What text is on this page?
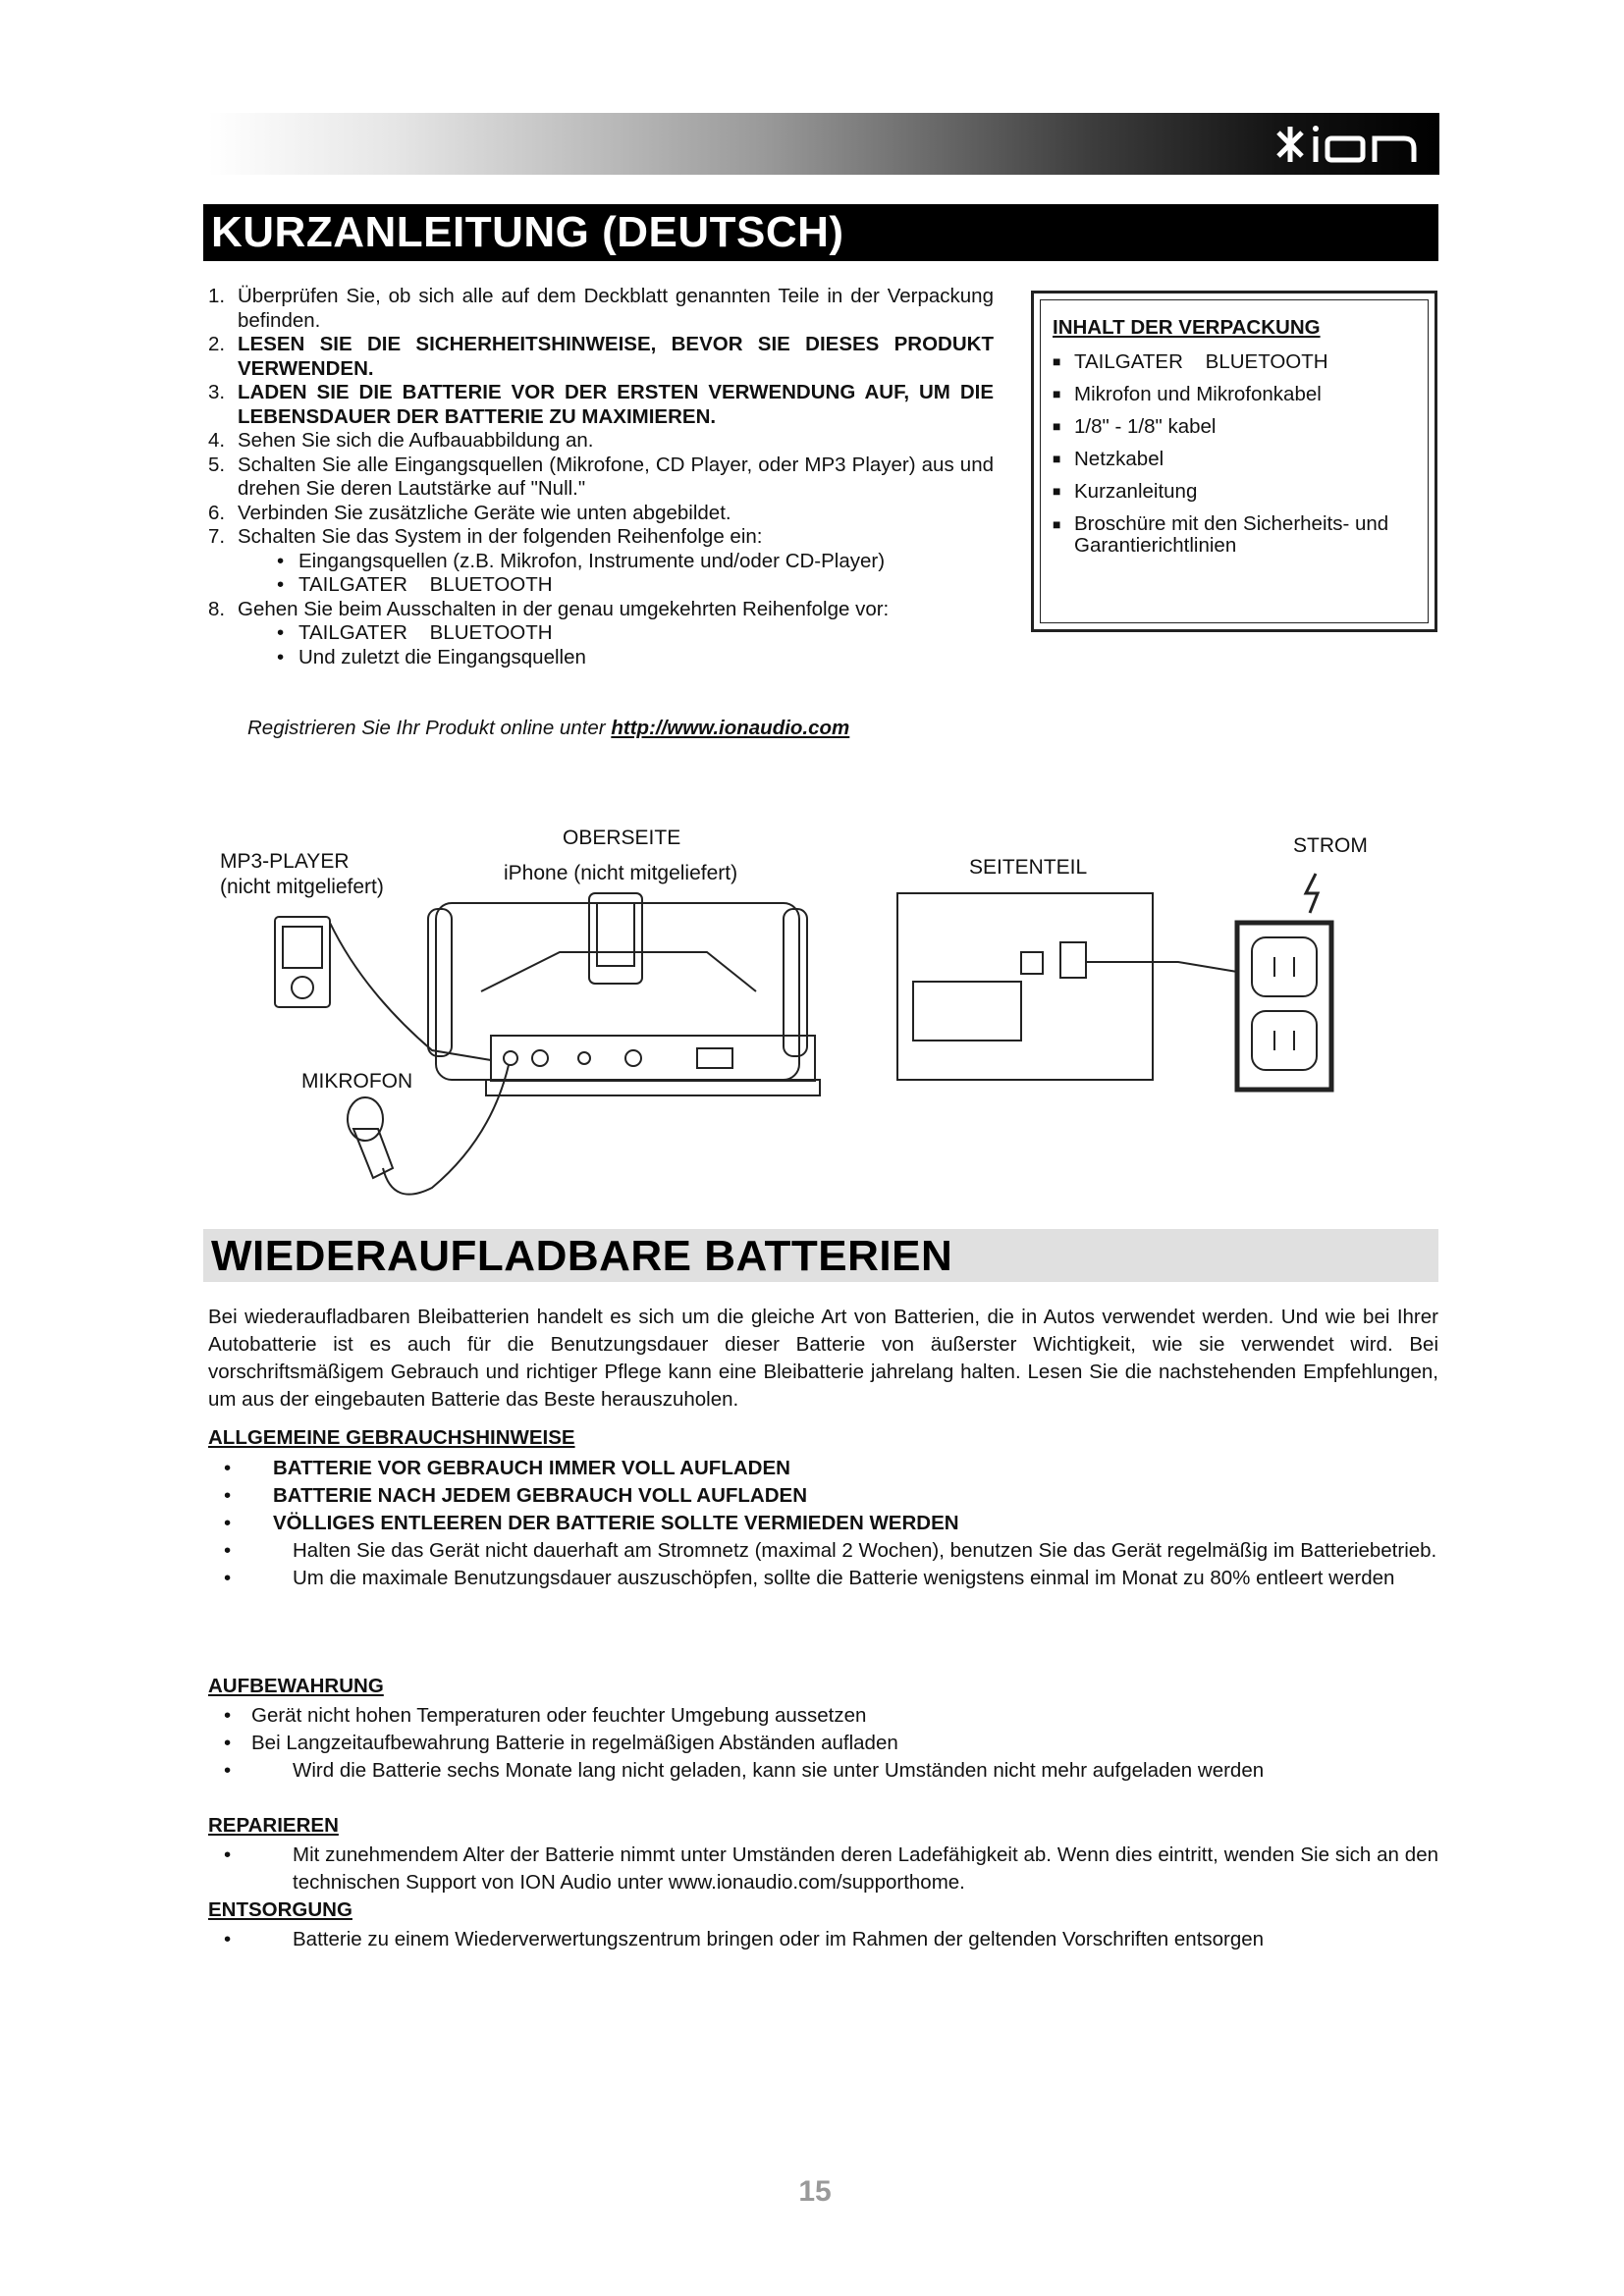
KURZANLEITUNG (DEUTSCH)
1. Überprüfen Sie, ob sich alle auf dem Deckblatt genannten Teile in der Verpackung befinden.
2. LESEN SIE DIE SICHERHEITSHINWEISE, BEVOR SIE DIESES PRODUKT VERWENDEN.
3. LADEN SIE DIE BATTERIE VOR DER ERSTEN VERWENDUNG AUF, UM DIE LEBENSDAUER DER BATTERIE ZU MAXIMIEREN.
4. Sehen Sie sich die Aufbauabbildung an.
5. Schalten Sie alle Eingangsquellen (Mikrofone, CD Player, oder MP3 Player) aus und drehen Sie deren Lautstärke auf "Null."
6. Verbinden Sie zusätzliche Geräte wie unten abgebildet.
7. Schalten Sie das System in der folgenden Reihenfolge ein:
• Eingangsquellen (z.B. Mikrofon, Instrumente und/oder CD-Player)
• TAILGATER    BLUETOOTH
8. Gehen Sie beim Ausschalten in der genau umgekehrten Reihenfolge vor:
• TAILGATER    BLUETOOTH
• Und zuletzt die Eingangsquellen
Registrieren Sie Ihr Produkt online unter http://www.ionaudio.com
INHALT DER VERPACKUNG
■ TAILGATER    BLUETOOTH
■ Mikrofon und Mikrofonkabel
■ 1/8" - 1/8" kabel
■ Netzkabel
■ Kurzanleitung
■ Broschüre mit den Sicherheits- und Garantierichtlinien
MP3-PLAYER
(nicht mitgeliefert)
OBERSEITE
iPhone (nicht mitgeliefert)	SEITENTEIL
STROM
MIKROFON
WIEDERAUFLADBARE BATTERIEN
Bei wiederaufladbaren Bleibatterien handelt es sich um die gleiche Art von Batterien, die in Autos verwendet werden. Und wie bei Ihrer Autobatterie ist es auch für die Benutzungsdauer dieser Batterie von äußerster Wichtigkeit, wie sie verwendet wird. Bei vorschriftsmäßigem Gebrauch und richtiger Pflege kann eine Bleibatterie jahrelang halten. Lesen Sie die nachstehenden Empfehlungen, um aus der eingebauten Batterie das Beste herauszuholen.
ALLGEMEINE GEBRAUCHSHINWEISE
•	BATTERIE VOR GEBRAUCH IMMER VOLL AUFLADEN
•	BATTERIE NACH JEDEM GEBRAUCH VOLL AUFLADEN
•	VÖLLIGES ENTLEEREN DER BATTERIE SOLLTE VERMIEDEN WERDEN
•	Halten Sie das Gerät nicht dauerhaft am Stromnetz (maximal 2 Wochen), benutzen Sie das Gerät regelmäßig im Batteriebetrieb.
•	Um die maximale Benutzungsdauer auszuschöpfen, sollte die Batterie wenigstens einmal im Monat zu 80% entleert werden
AUFBEWAHRUNG
•	Gerät nicht hohen Temperaturen oder feuchter Umgebung aussetzen
•	Bei Langzeitaufbewahrung Batterie in regelmäßigen Abständen aufladen
•	Wird die Batterie sechs Monate lang nicht geladen, kann sie unter Umständen nicht mehr aufgeladen werden
REPARIEREN
•	Mit zunehmendem Alter der Batterie nimmt unter Umständen deren Ladefähigkeit ab. Wenn dies eintritt, wenden Sie sich an den technischen Support von ION Audio unter www.ionaudio.com/supporthome.
ENTSORGUNG
•	Batterie zu einem Wiederverwertungszentrum bringen oder im Rahmen der geltenden Vorschriften entsorgen
15
